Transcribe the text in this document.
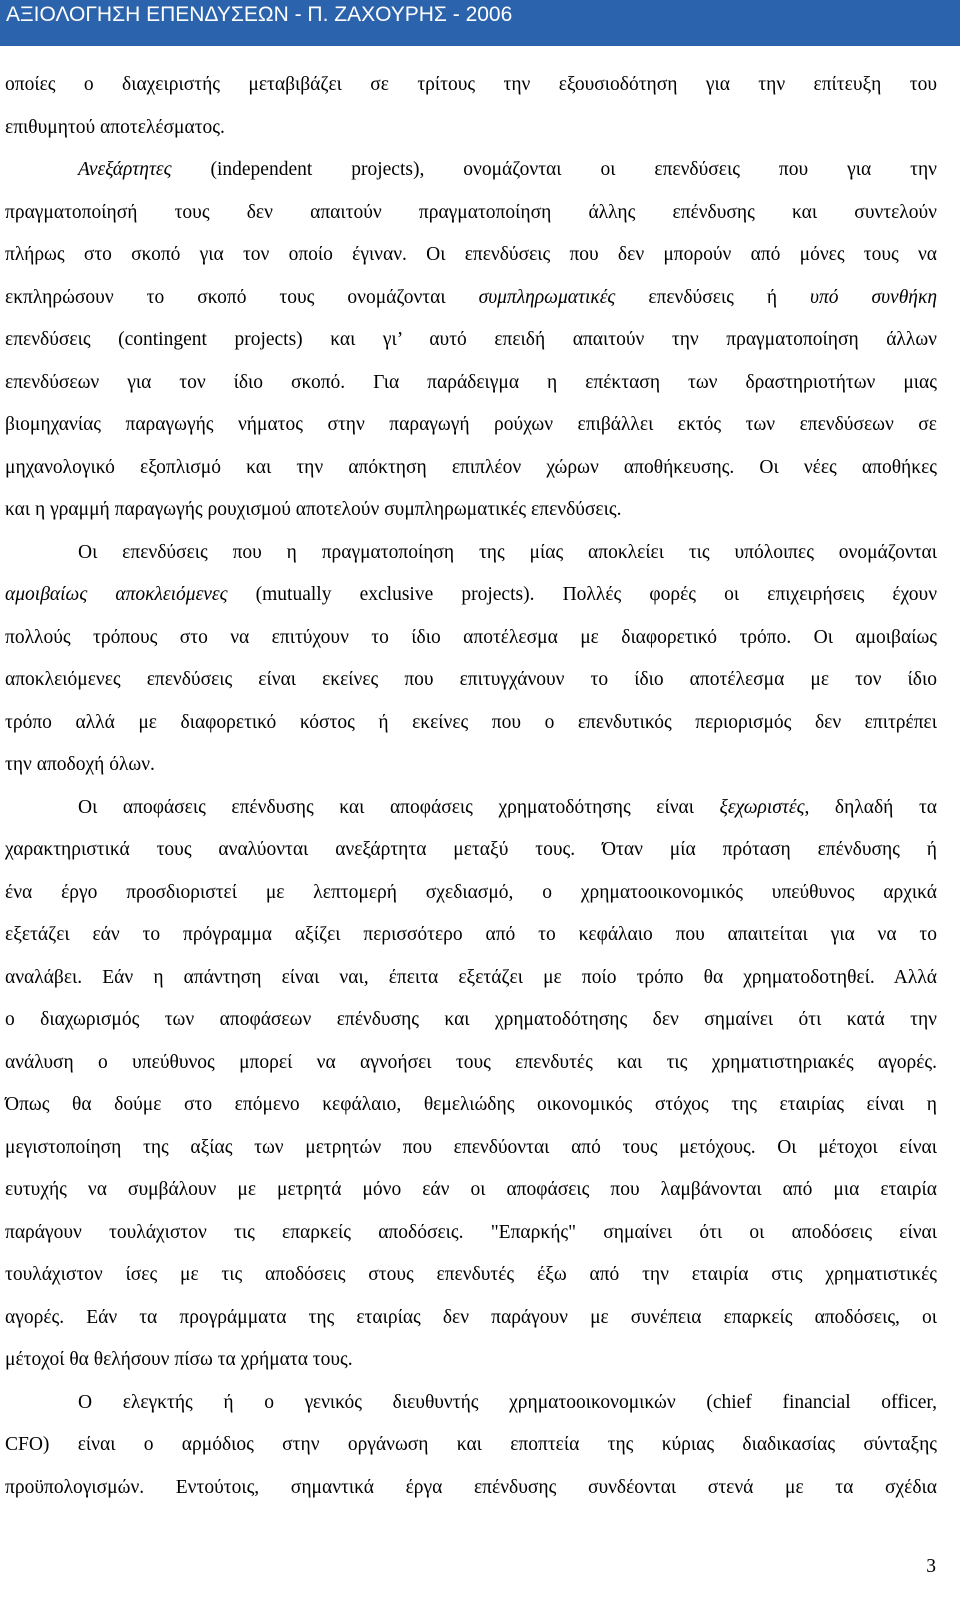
ΑΞΙΟΛΟΓΗΣΗ ΕΠΕΝΔΥΣΕΩΝ - Π. ΖΑΧΟΥΡΗΣ - 2006
οποίες ο διαχειριστής μεταβιβάζει σε τρίτους την εξουσιοδότηση για την επίτευξη του
επιθυμητού αποτελέσματος.
Ανεξάρτητες (independent projects), ονομάζονται οι επενδύσεις που για την
πραγματοποίησή τους δεν απαιτούν πραγματοποίηση άλλης επένδυσης και συντελούν
πλήρως στο σκοπό για τον οποίο έγιναν. Οι επενδύσεις που δεν μπορούν από μόνες τους να
εκπληρώσουν το σκοπό τους ονομάζονται συμπληρωματικές επενδύσεις ή υπό συνθήκη
επενδύσεις (contingent projects) και γι’ αυτό επειδή απαιτούν την πραγματοποίηση άλλων
επενδύσεων για τον ίδιο σκοπό. Για παράδειγμα η επέκταση των δραστηριοτήτων μιας
βιομηχανίας παραγωγής νήματος στην παραγωγή ρούχων επιβάλλει εκτός των επενδύσεων σε
μηχανολογικό εξοπλισμό και την απόκτηση επιπλέον χώρων αποθήκευσης. Οι νέες αποθήκες
και η γραμμή παραγωγής ρουχισμού αποτελούν συμπληρωματικές επενδύσεις.
Οι επενδύσεις που η πραγματοποίηση της μίας αποκλείει τις υπόλοιπες ονομάζονται
αμοιβαίως αποκλειόμενες (mutually exclusive projects). Πολλές φορές οι επιχειρήσεις έχουν
πολλούς τρόπους στο να επιτύχουν το ίδιο αποτέλεσμα με διαφορετικό τρόπο. Οι αμοιβαίως
αποκλειόμενες επενδύσεις είναι εκείνες που επιτυγχάνουν το ίδιο αποτέλεσμα με τον ίδιο
τρόπο αλλά με διαφορετικό κόστος ή εκείνες που ο επενδυτικός περιορισμός δεν επιτρέπει
την αποδοχή όλων.
Οι αποφάσεις επένδυσης και αποφάσεις χρηματοδότησης είναι ξεχωριστές, δηλαδή τα
χαρακτηριστικά τους αναλύονται ανεξάρτητα μεταξύ τους. Όταν μία πρόταση επένδυσης ή
ένα έργο προσδιοριστεί με λεπτομερή σχεδιασμό, ο χρηματοοικονομικός υπεύθυνος αρχικά
εξετάζει εάν το πρόγραμμα αξίζει περισσότερο από το κεφάλαιο που απαιτείται για να το
αναλάβει. Εάν η απάντηση είναι ναι, έπειτα εξετάζει με ποίο τρόπο θα χρηματοδοτηθεί. Αλλά
ο διαχωρισμός των αποφάσεων επένδυσης και χρηματοδότησης δεν σημαίνει ότι κατά την
ανάλυση ο υπεύθυνος μπορεί να αγνοήσει τους επενδυτές και τις χρηματιστηριακές αγορές.
Όπως θα δούμε στο επόμενο κεφάλαιο, θεμελιώδης οικονομικός στόχος της εταιρίας είναι η
μεγιστοποίηση της αξίας των μετρητών που επενδύονται από τους μετόχους. Οι μέτοχοι είναι
ευτυχής να συμβάλουν με μετρητά μόνο εάν οι αποφάσεις που λαμβάνονται από μια εταιρία
παράγουν τουλάχιστον τις επαρκείς αποδόσεις. "Επαρκής" σημαίνει ότι οι αποδόσεις είναι
τουλάχιστον ίσες με τις αποδόσεις στους επενδυτές έξω από την εταιρία στις χρηματιστικές
αγορές. Εάν τα προγράμματα της εταιρίας δεν παράγουν με συνέπεια επαρκείς αποδόσεις, οι
μέτοχοί θα θελήσουν πίσω τα χρήματα τους.
Ο ελεγκτής ή ο γενικός διευθυντής χρηματοοικονομικών (chief financial officer,
CFO) είναι ο αρμόδιος στην οργάνωση και εποπτεία της κύριας διαδικασίας σύνταξης
προϋπολογισμών. Εντούτοις, σημαντικά έργα επένδυσης συνδέονται στενά με τα σχέδια
3
